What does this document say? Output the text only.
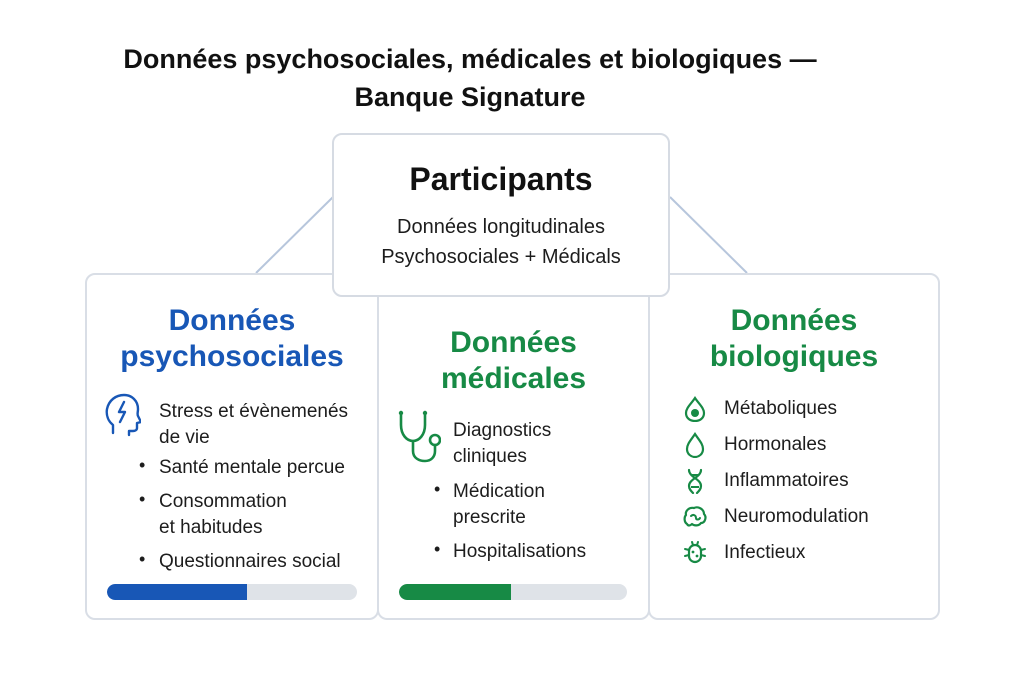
Données psychosociales, médicales et biologiques —
Banque Signature
Données
psychosociales
Stress et évènemenés
de vie
• Santé mentale percue
• Consommation
et habitudes
• Questionnaires social
Données
médicales
Diagnostics
cliniques
• Médication
prescrite
• Hospitalisations
Données
biologiques
Métaboliques
Hormonales
Inflammatoires
Neuromodulation
Infectieux
Participants
Données longitudinales
Psychosociales + Médicals
